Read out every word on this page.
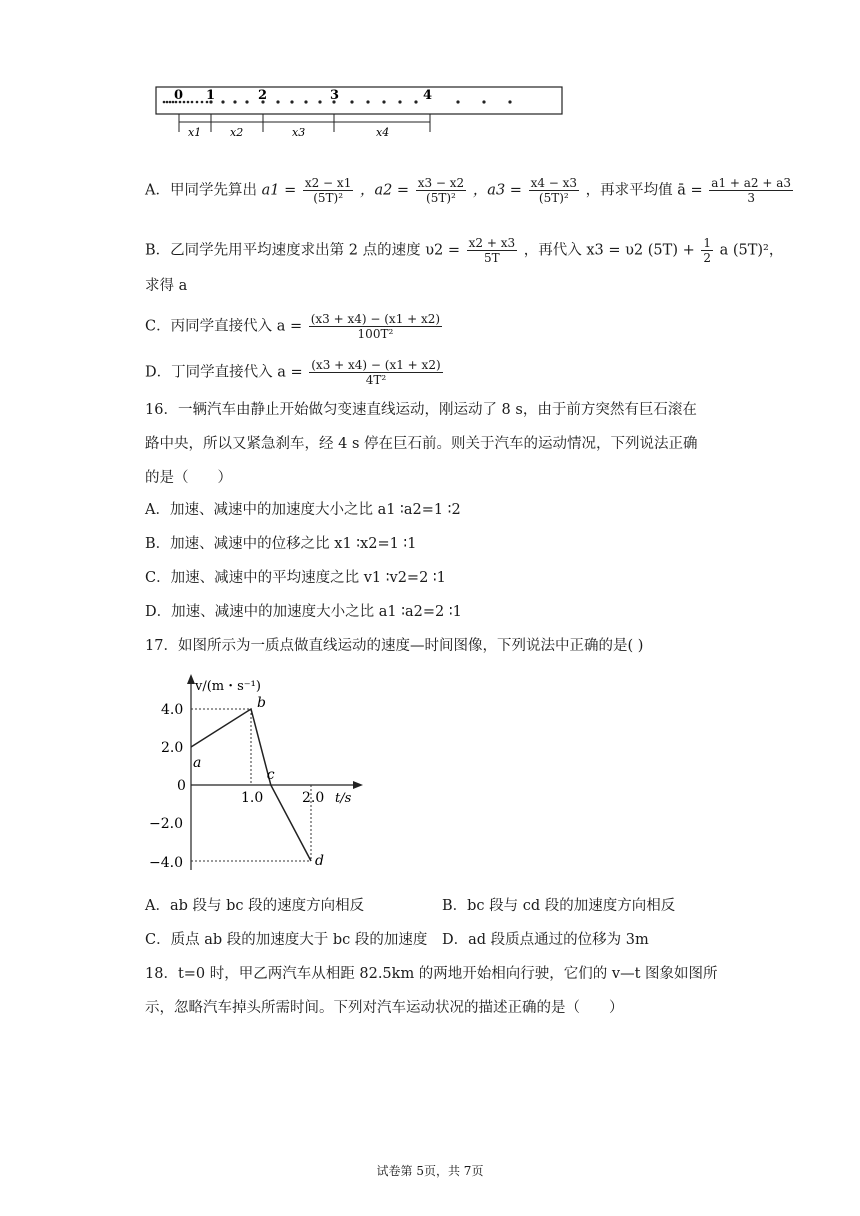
0 1	2	3	4
x1	x2	x3	x4
A．甲同学先算出 $a1 = \frac{x2 - x1}{\text{(5T)²}}$ ，$a2 = \frac{x3 - x2}{\text{(5T)²}}$ ，$a3 = \frac{x4 - x3}{\text{(5T)²}}$ ，再求平均值 ā = $\frac{a1 + a2 + a3}{3}$
B．乙同学先用平均速度求出第 2 点的速度 $\upsilon 2 = \frac{x2 + x3}{5T}$ ，再代入 x3 = υ2 $(5T) + \frac{1}{2}$ a (5T)²，
求得 a
C．丙同学直接代入 $a = \frac{(x3 + x4) - (x1 + x2)}{\text{100T²}}$
D．丁同学直接代入 $a = \frac{(x3 + x4) - (x1 + x2)}{\text{4T²}}$
16．一辆汽车由静止开始做匀变速直线运动，刚运动了 8 s，由于前方突然有巨石滚在
路中央，所以又紧急刹车，经 4 s 停在巨石前。则关于汽车的运动情况，下列说法正确
的是（　　）
A．加速、减速中的加速度大小之比 a1 ∶a2=1 ∶2
B．加速、减速中的位移之比 x1 ∶x2=1 ∶1
C．加速、减速中的平均速度之比 v1 ∶v2=2 ∶1
D．加速、减速中的加速度大小之比 a1 ∶a2=2 ∶1
17．如图所示为一质点做直线运动的速度—时间图像，下列说法中正确的是( )
v/(m・s⁻¹)
t/s
4.0
2.0
0
−2.0
−4.0
1.0	2.0
a
b
c
d
A．ab 段与 bc 段的速度方向相反	B．bc 段与 cd 段的加速度方向相反
C．质点 ab 段的加速度大于 bc 段的加速度 D．ad 段质点通过的位移为 3m
18．t=0 时，甲乙两汽车从相距 82.5km 的两地开始相向行驶，它们的 v—t 图象如图所
示，忽略汽车掉头所需时间。下列对汽车运动状况的描述正确的是（　　）
试卷第 5页，共 7页
